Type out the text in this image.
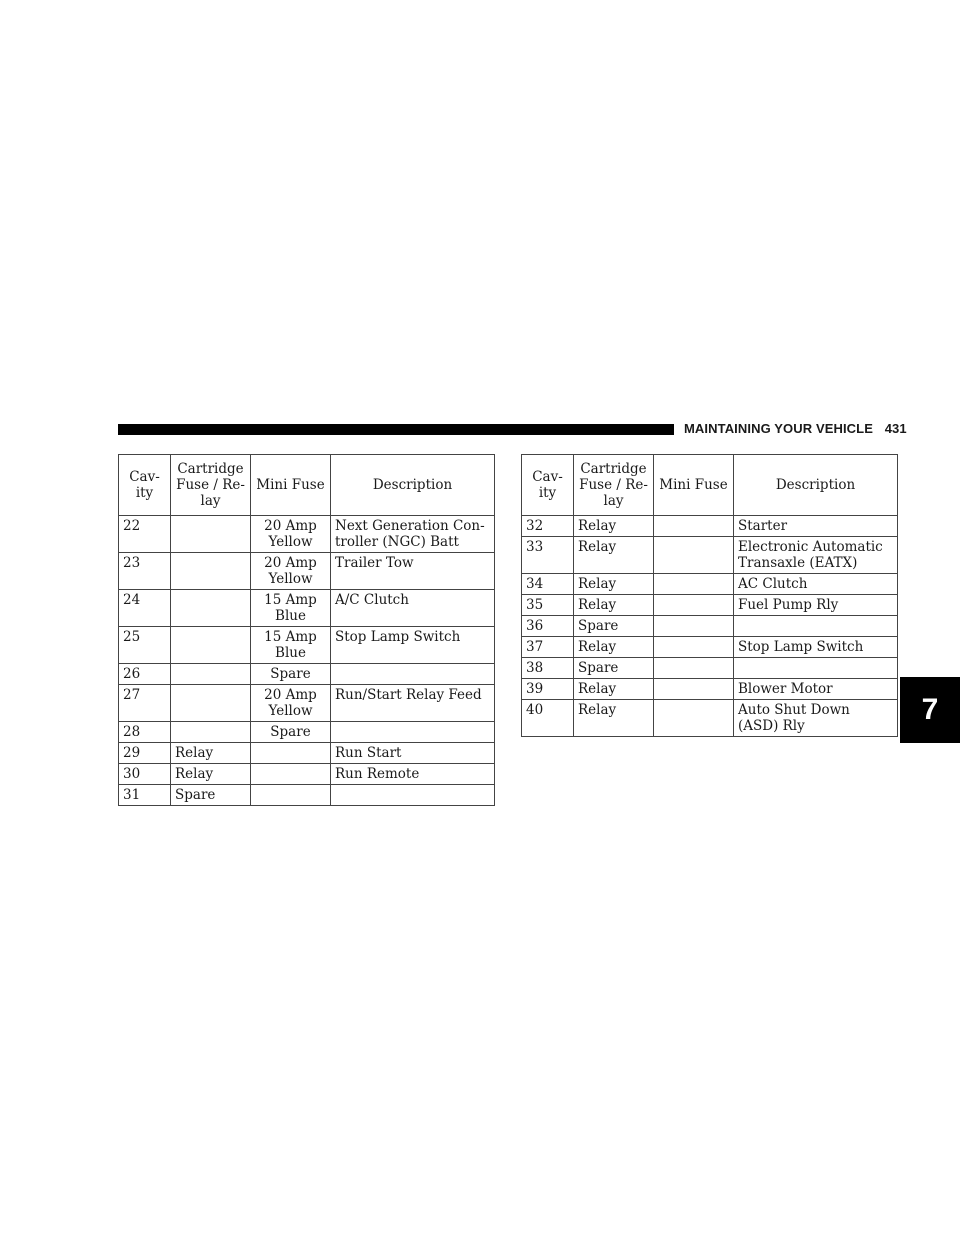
MAINTAINING YOUR VEHICLE 431
7
Cav-
ity	Cartridge
Fuse / Re-
lay	Mini Fuse	Description
22		20 Amp
Yellow	Next Generation Con-
troller (NGC) Batt

23		20 Amp
Yellow	Trailer Tow

24		15 Amp
Blue	A/C Clutch

25		15 Amp
Blue	Stop Lamp Switch

26		Spare	

27		20 Amp
Yellow	Run/Start Relay Feed

28		Spare	

29	Relay		Run Start

30	Relay		Run Remote

31	Spare	

Cav-
ity	Cartridge
Fuse / Re-
lay	Mini Fuse	Description
32	Relay		Starter

33	Relay		Electronic Automatic
Transaxle (EATX)

34	Relay		AC Clutch

35	Relay		Fuel Pump Rly

36	Spare	

37	Relay		Stop Lamp Switch

38	Spare	

39	Relay		Blower Motor

40	Relay		Auto Shut Down
(ASD) Rly
